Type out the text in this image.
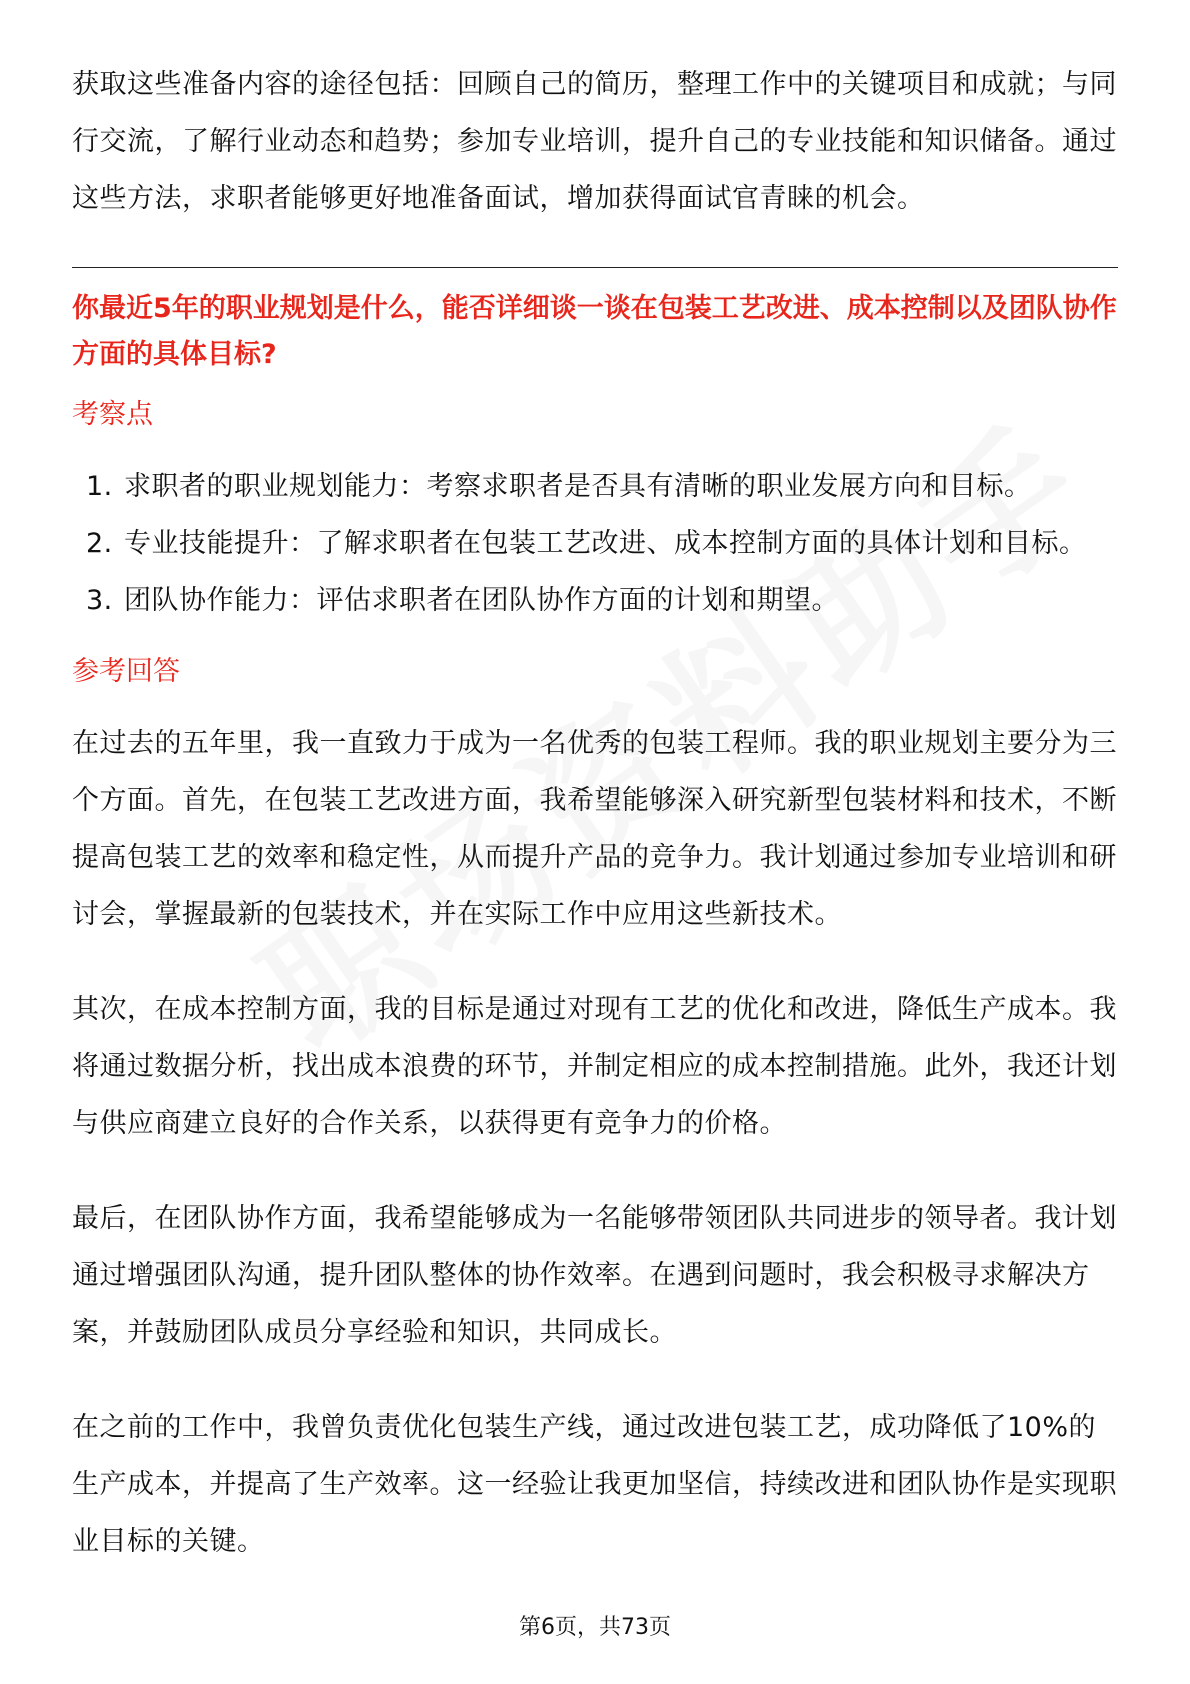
获取这些准备内容的途径包括：回顾自己的简历，整理工作中的关键项目和成就；与同行交流，了解行业动态和趋势；参加专业培训，提升自己的专业技能和知识储备。通过这些方法，求职者能够更好地准备面试，增加获得面试官青睐的机会。

你最近5年的职业规划是什么，能否详细谈一谈在包装工艺改进、成本控制以及团队协作方面的具体目标?

考察点

1. 求职者的职业规划能力：考察求职者是否具有清晰的职业发展方向和目标。
2. 专业技能提升：了解求职者在包装工艺改进、成本控制方面的具体计划和目标。
3. 团队协作能力：评估求职者在团队协作方面的计划和期望。

参考回答

在过去的五年里，我一直致力于成为一名优秀的包装工程师。我的职业规划主要分为三个方面。首先，在包装工艺改进方面，我希望能够深入研究新型包装材料和技术，不断提高包装工艺的效率和稳定性，从而提升产品的竞争力。我计划通过参加专业培训和研讨会，掌握最新的包装技术，并在实际工作中应用这些新技术。

其次，在成本控制方面，我的目标是通过对现有工艺的优化和改进，降低生产成本。我将通过数据分析，找出成本浪费的环节，并制定相应的成本控制措施。此外，我还计划与供应商建立良好的合作关系，以获得更有竞争力的价格。

最后，在团队协作方面，我希望能够成为一名能够带领团队共同进步的领导者。我计划通过增强团队沟通，提升团队整体的协作效率。在遇到问题时，我会积极寻求解决方案，并鼓励团队成员分享经验和知识，共同成长。

在之前的工作中，我曾负责优化包装生产线，通过改进包装工艺，成功降低了10%的生产成本，并提高了生产效率。这一经验让我更加坚信，持续改进和团队协作是实现职业目标的关键。

第6页，共73页
